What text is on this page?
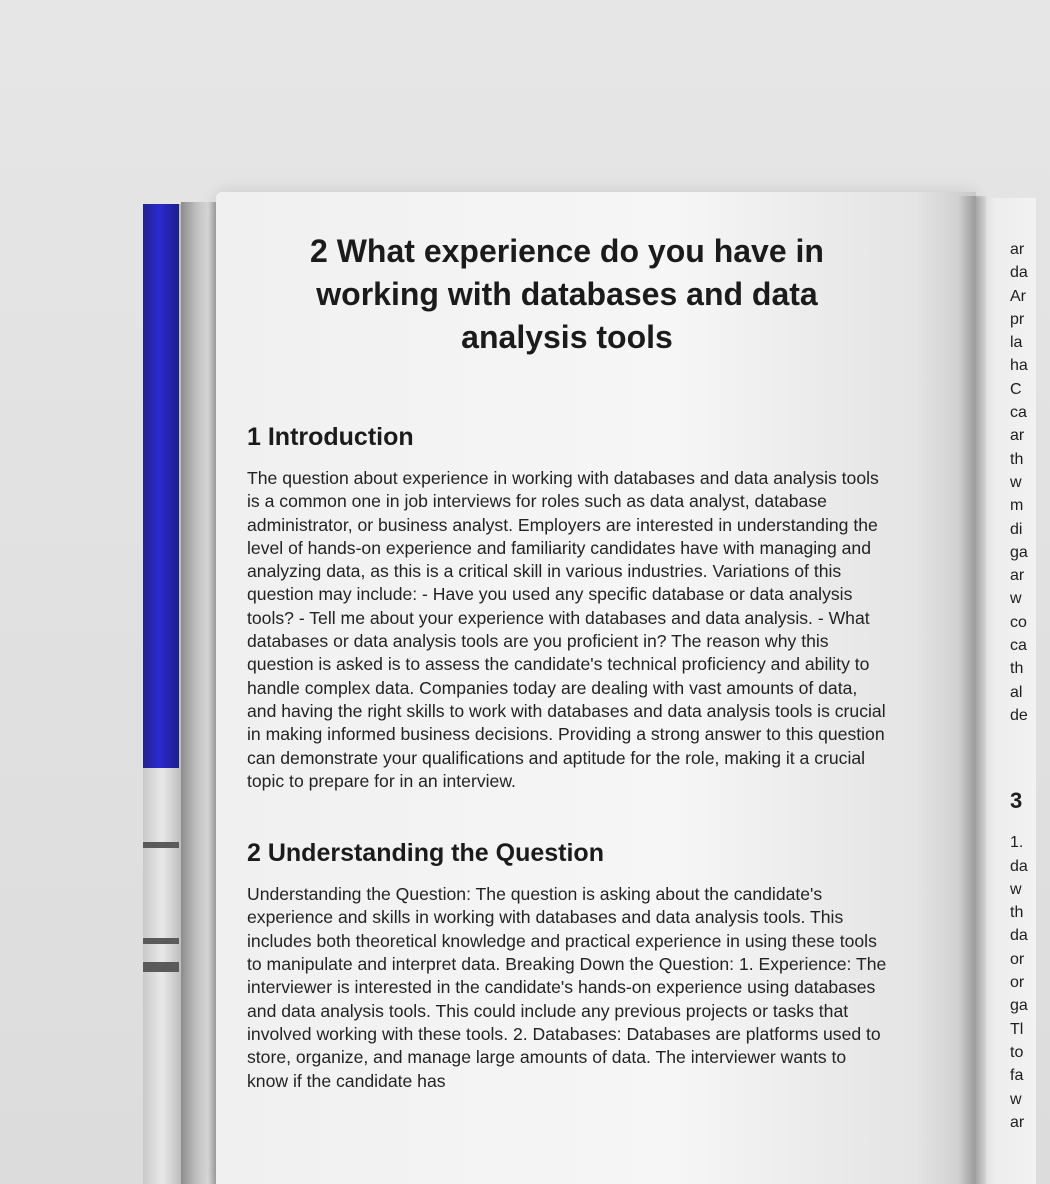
ar
da
Ar
pr
la
ha
C
ca
ar
th
w
m
di
ga
ar
w
co
ca
th
al
de
3
1.
da
w
th
da
or
or
ga
Tl
to
fa
w
ar
2 What experience do you have in working with databases and data analysis tools
1 Introduction

The question about experience in working with databases and data analysis tools is a common one in job interviews for roles such as data analyst, database administrator, or business analyst. Employers are interested in understanding the level of hands-on experience and familiarity candidates have with managing and analyzing data, as this is a critical skill in various industries. Variations of this question may include: - Have you used any specific database or data analysis tools? - Tell me about your experience with databases and data analysis. - What databases or data analysis tools are you proficient in? The reason why this question is asked is to assess the candidate's technical proficiency and ability to handle complex data. Companies today are dealing with vast amounts of data, and having the right skills to work with databases and data analysis tools is crucial in making informed business decisions. Providing a strong answer to this question can demonstrate your qualifications and aptitude for the role, making it a crucial topic to prepare for in an interview.

2 Understanding the Question

Understanding the Question: The question is asking about the candidate's experience and skills in working with databases and data analysis tools. This includes both theoretical knowledge and practical experience in using these tools to manipulate and interpret data. Breaking Down the Question: 1. Experience: The interviewer is interested in the candidate's hands-on experience using databases and data analysis tools. This could include any previous projects or tasks that involved working with these tools. 2. Databases: Databases are platforms used to store, organize, and manage large amounts of data. The interviewer wants to know if the candidate has
